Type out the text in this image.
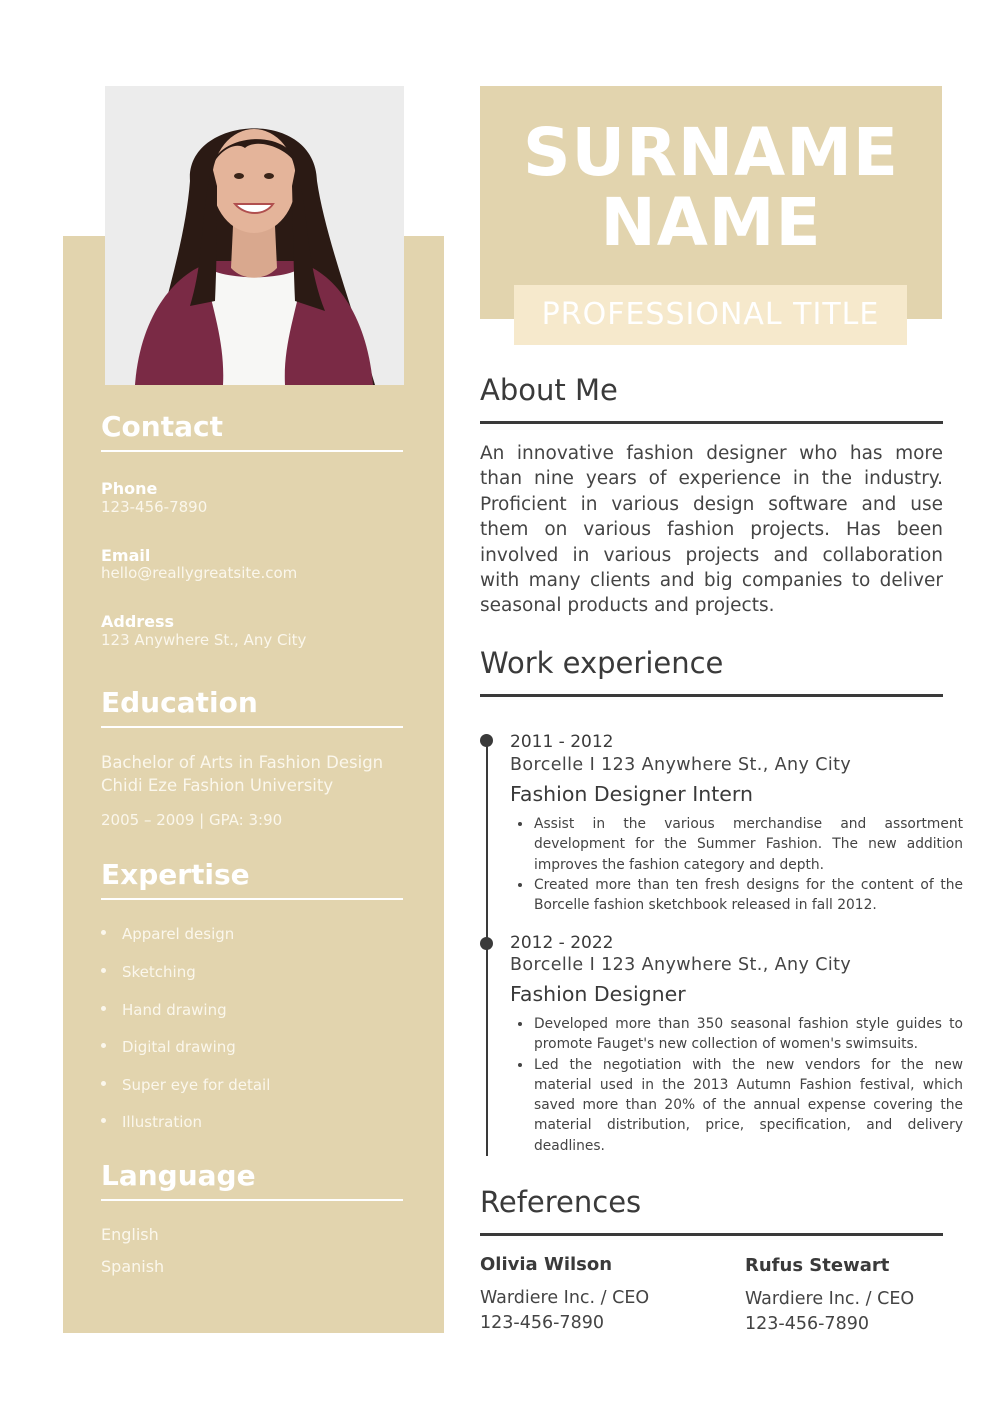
Contact
Phone
123-456-7890
Email
hello@reallygreatsite.com
Address
123 Anywhere St., Any City
Education
Bachelor of Arts in Fashion Design
Chidi Eze Fashion University
2005 – 2009 | GPA: 3:90
Expertise
Apparel design
Sketching
Hand drawing
Digital drawing
Super eye for detail
Illustration
Language
English
Spanish
SURNAME
NAME
PROFESSIONAL TITLE
About Me
An innovative fashion designer who has more than nine years of experience in the industry. Proficient in various design software and use them on various fashion projects. Has been involved in various projects and collaboration with many clients and big companies to deliver seasonal products and projects.
Work experience
2011 - 2012
Borcelle I 123 Anywhere St., Any City
Fashion Designer Intern
Assist in the various merchandise and assortment development for the Summer Fashion. The new addition improves the fashion category and depth.
Created more than ten fresh designs for the content of the Borcelle fashion sketchbook released in fall 2012.
2012 - 2022
Borcelle I 123 Anywhere St., Any City
Fashion Designer
Developed more than 350 seasonal fashion style guides to promote Fauget's new collection of women's swimsuits.
Led the negotiation with the new vendors for the new material used in the 2013 Autumn Fashion festival, which saved more than 20% of the annual expense covering the material distribution, price, specification, and delivery deadlines.
References
Olivia Wilson
Wardiere Inc. / CEO
123-456-7890
Rufus Stewart
Wardiere Inc. / CEO
123-456-7890
